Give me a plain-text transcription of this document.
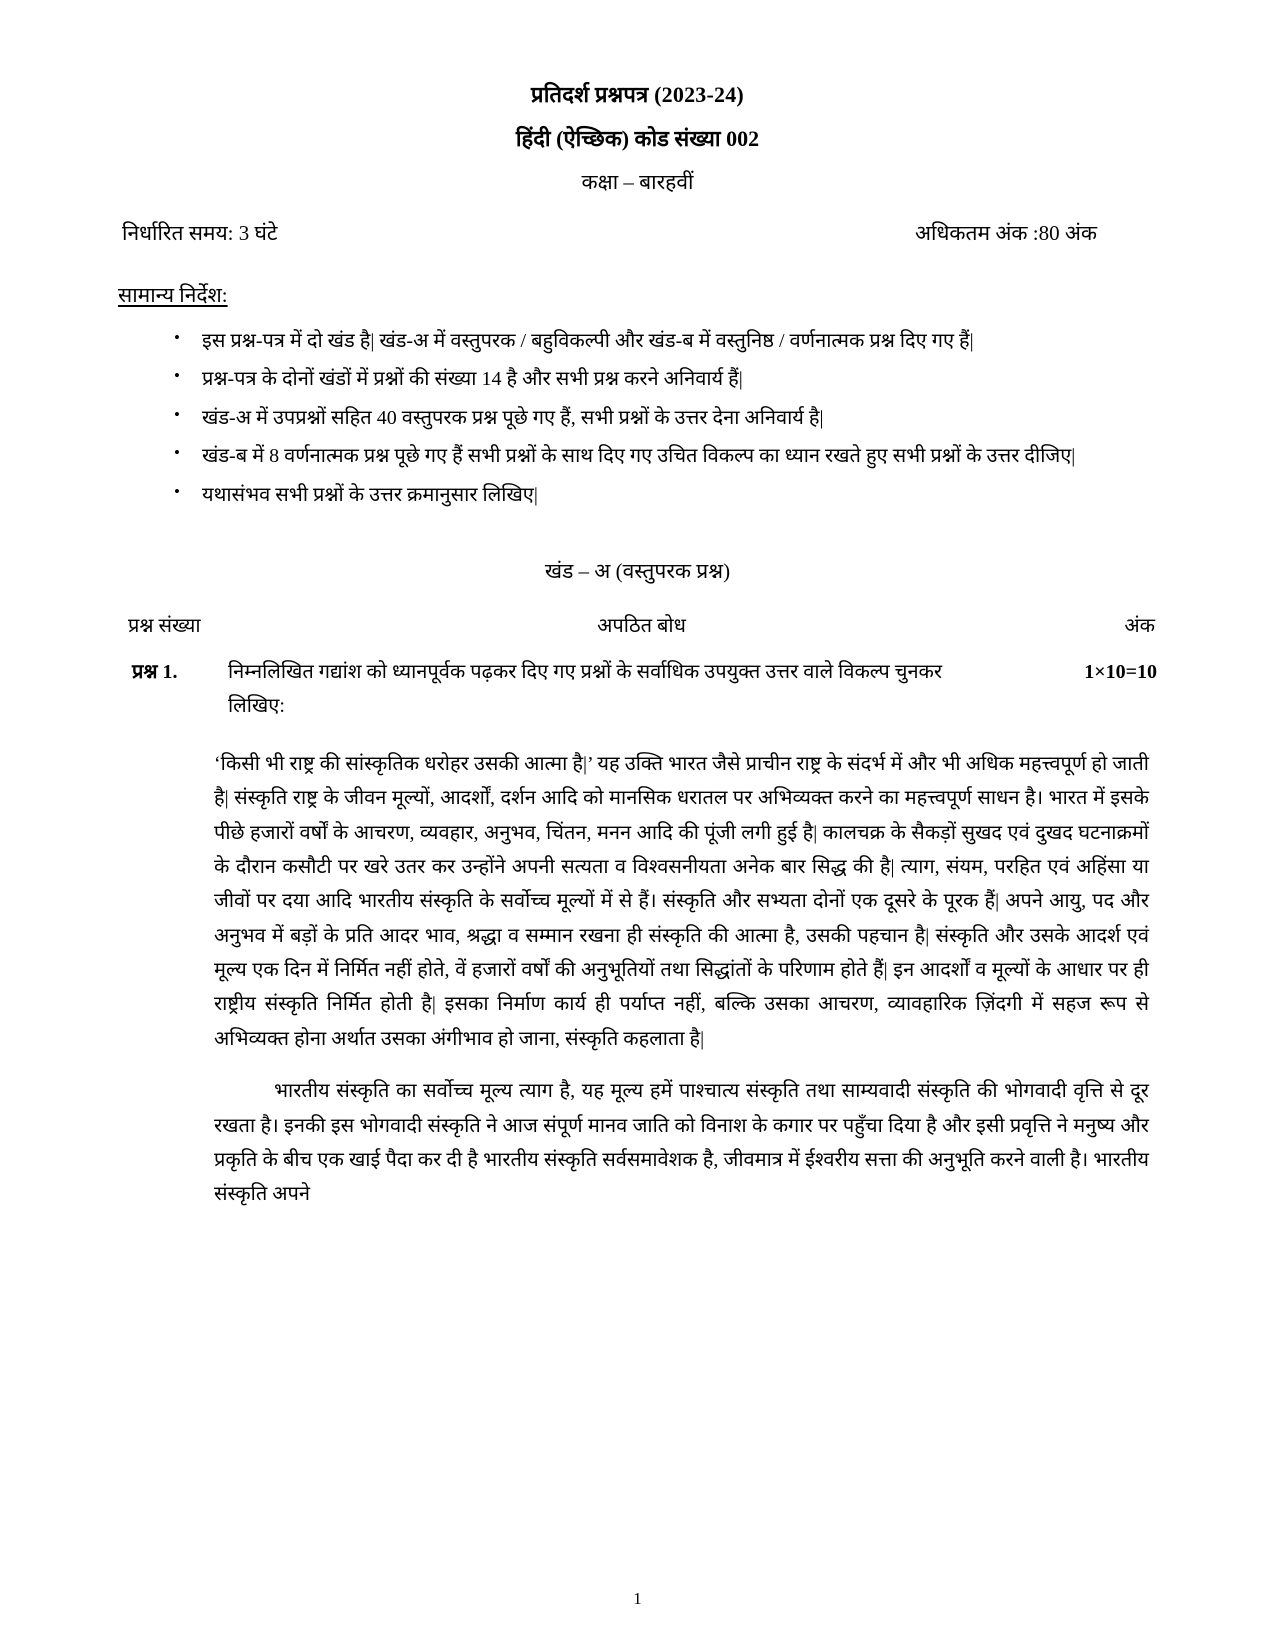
प्रतिदर्श प्रश्नपत्र (2023-24)
हिंदी (ऐच्छिक) कोड संख्या 002
कक्षा – बारहवीं
निर्धारित समय: 3 घंटे	अधिकतम अंक :80 अंक
सामान्य निर्देश:
• इस प्रश्न-पत्र में दो खंड है| खंड-अ में वस्तुपरक / बहुविकल्पी और खंड-ब में वस्तुनिष्ठ / वर्णनात्मक प्रश्न दिए गए हैं|
• प्रश्न-पत्र के दोनों खंडों में प्रश्नों की संख्या 14 है और सभी प्रश्न करने अनिवार्य हैं|
• खंड-अ में उपप्रश्नों सहित 40 वस्तुपरक प्रश्न पूछे गए हैं, सभी प्रश्नों के उत्तर देना अनिवार्य है|
• खंड-ब में 8 वर्णनात्मक प्रश्न पूछे गए हैं सभी प्रश्नों के साथ दिए गए उचित विकल्प का ध्यान रखते हुए सभी प्रश्नों के उत्तर दीजिए|
• यथासंभव सभी प्रश्नों के उत्तर क्रमानुसार लिखिए|
खंड – अ (वस्तुपरक प्रश्न)
प्रश्न संख्या	अपठित बोध	अंक
प्रश्न 1.	निम्नलिखित गद्यांश को ध्यानपूर्वक पढ़कर दिए गए प्रश्नों के सर्वाधिक उपयुक्त उत्तर वाले विकल्प चुनकर	1×10=10
लिखिए:

‘किसी भी राष्ट्र की सांस्कृतिक धरोहर उसकी आत्मा है|’ यह उक्ति भारत जैसे प्राचीन राष्ट्र के संदर्भ में और भी अधिक महत्त्वपूर्ण हो जाती है| संस्कृति राष्ट्र के जीवन मूल्यों, आदर्शों, दर्शन आदि को मानसिक धरातल पर अभिव्यक्त करने का महत्त्वपूर्ण साधन है। भारत में इसके पीछे हजारों वर्षों के आचरण, व्यवहार, अनुभव, चिंतन, मनन आदि की पूंजी लगी हुई है| कालचक्र के सैकड़ों सुखद एवं दुखद घटनाक्रमों के दौरान कसौटी पर खरे उतर कर उन्होंने अपनी सत्यता व विश्वसनीयता अनेक बार सिद्ध की है| त्याग, संयम, परहित एवं अहिंसा या जीवों पर दया आदि भारतीय संस्कृति के सर्वोच्च मूल्यों में से हैं। संस्कृति और सभ्यता दोनों एक दूसरे के पूरक हैं| अपने आयु, पद और अनुभव में बड़ों के प्रति आदर भाव, श्रद्धा व सम्मान रखना ही संस्कृति की आत्मा है, उसकी पहचान है| संस्कृति और उसके आदर्श एवं मूल्य एक दिन में निर्मित नहीं होते, वें हजारों वर्षों की अनुभूतियों तथा सिद्धांतों के परिणाम होते हैं| इन आदर्शों व मूल्यों के आधार पर ही राष्ट्रीय संस्कृति निर्मित होती है| इसका निर्माण कार्य ही पर्याप्त नहीं, बल्कि उसका आचरण, व्यावहारिक ज़िंदगी में सहज रूप से अभिव्यक्त होना अर्थात उसका अंगीभाव हो जाना, संस्कृति कहलाता है|

भारतीय संस्कृति का सर्वोच्च मूल्य त्याग है, यह मूल्य हमें पाश्चात्य संस्कृति तथा साम्यवादी संस्कृति की भोगवादी वृत्ति से दूर रखता है। इनकी इस भोगवादी संस्कृति ने आज संपूर्ण मानव जाति को विनाश के कगार पर पहुँचा दिया है और इसी प्रवृत्ति ने मनुष्य और प्रकृति के बीच एक खाई पैदा कर दी है भारतीय संस्कृति सर्वसमावेशक है, जीवमात्र में ईश्वरीय सत्ता की अनुभूति करने वाली है। भारतीय संस्कृति अपने

1
